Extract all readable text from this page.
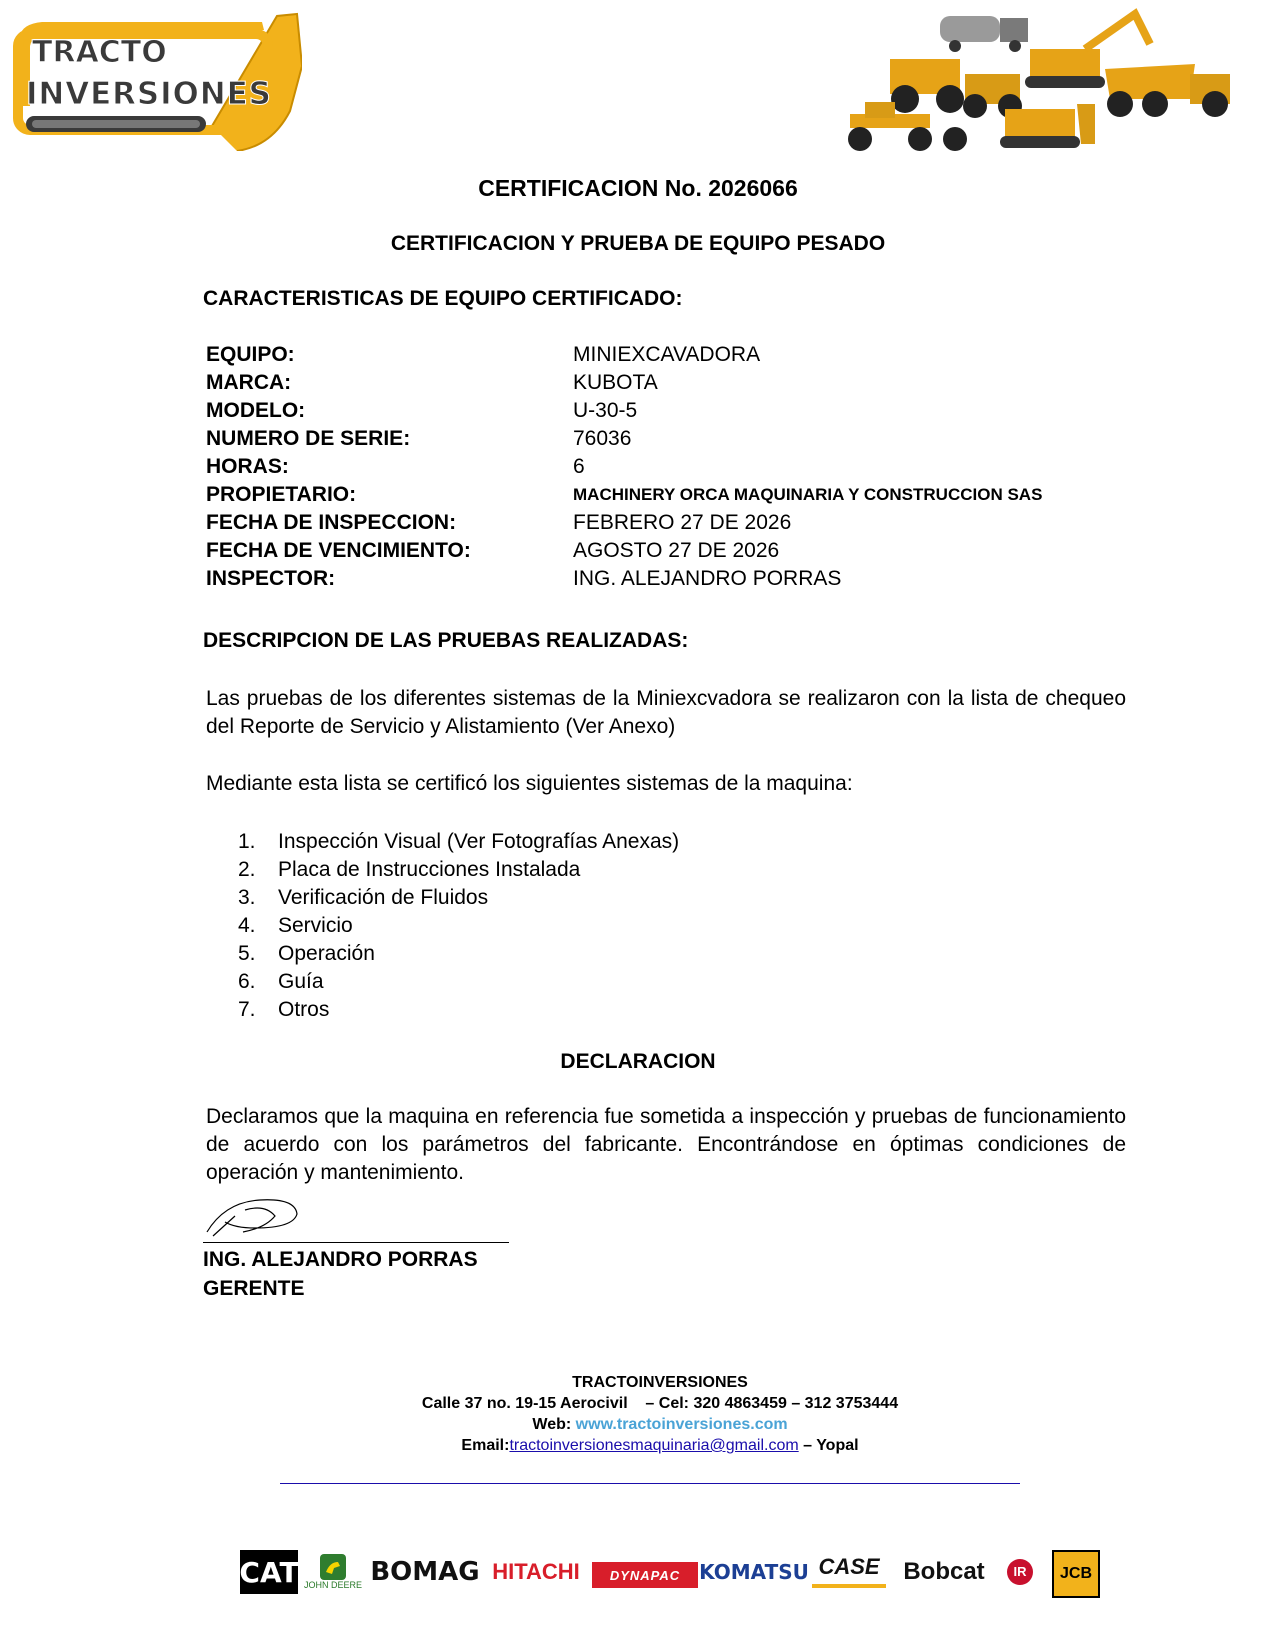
TRACTO
INVERSIONES
CERTIFICACION No. 2026066
CERTIFICACION Y PRUEBA DE EQUIPO PESADO
CARACTERISTICAS DE EQUIPO CERTIFICADO:
EQUIPO:	MINIEXCAVADORA
MARCA:	KUBOTA
MODELO:	U-30-5
NUMERO DE SERIE:	76036
HORAS:	6
PROPIETARIO:	MACHINERY ORCA MAQUINARIA Y CONSTRUCCION SAS
FECHA DE INSPECCION:	FEBRERO 27 DE 2026
FECHA DE VENCIMIENTO:	AGOSTO 27 DE 2026
INSPECTOR:	ING. ALEJANDRO PORRAS
DESCRIPCION DE LAS PRUEBAS REALIZADAS:
Las pruebas de los diferentes sistemas de la Miniexcvadora se realizaron con la lista de chequeo del Reporte de Servicio y Alistamiento (Ver Anexo)
Mediante esta lista se certificó los siguientes sistemas de la maquina:
1. Inspección Visual (Ver Fotografías Anexas)
2. Placa de Instrucciones Instalada
3. Verificación de Fluidos
4. Servicio
5. Operación
6. Guía
7. Otros
DECLARACION
Declaramos que la maquina en referencia fue sometida a inspección y pruebas de funcionamiento de acuerdo con los parámetros del fabricante. Encontrándose en óptimas condiciones de operación y mantenimiento.
ING. ALEJANDRO PORRAS
GERENTE
TRACTOINVERSIONES
Calle 37 no. 19-15 Aerocivil – Cel: 320 4863459 – 312 3753444
Web: www.tractoinversiones.com
Email:tractoinversionesmaquinaria@gmail.com – Yopal
CAT JOHN DEERE BOMAG HITACHI DYNAPAC KOMATSU CASE Bobcat	IR	JCB
